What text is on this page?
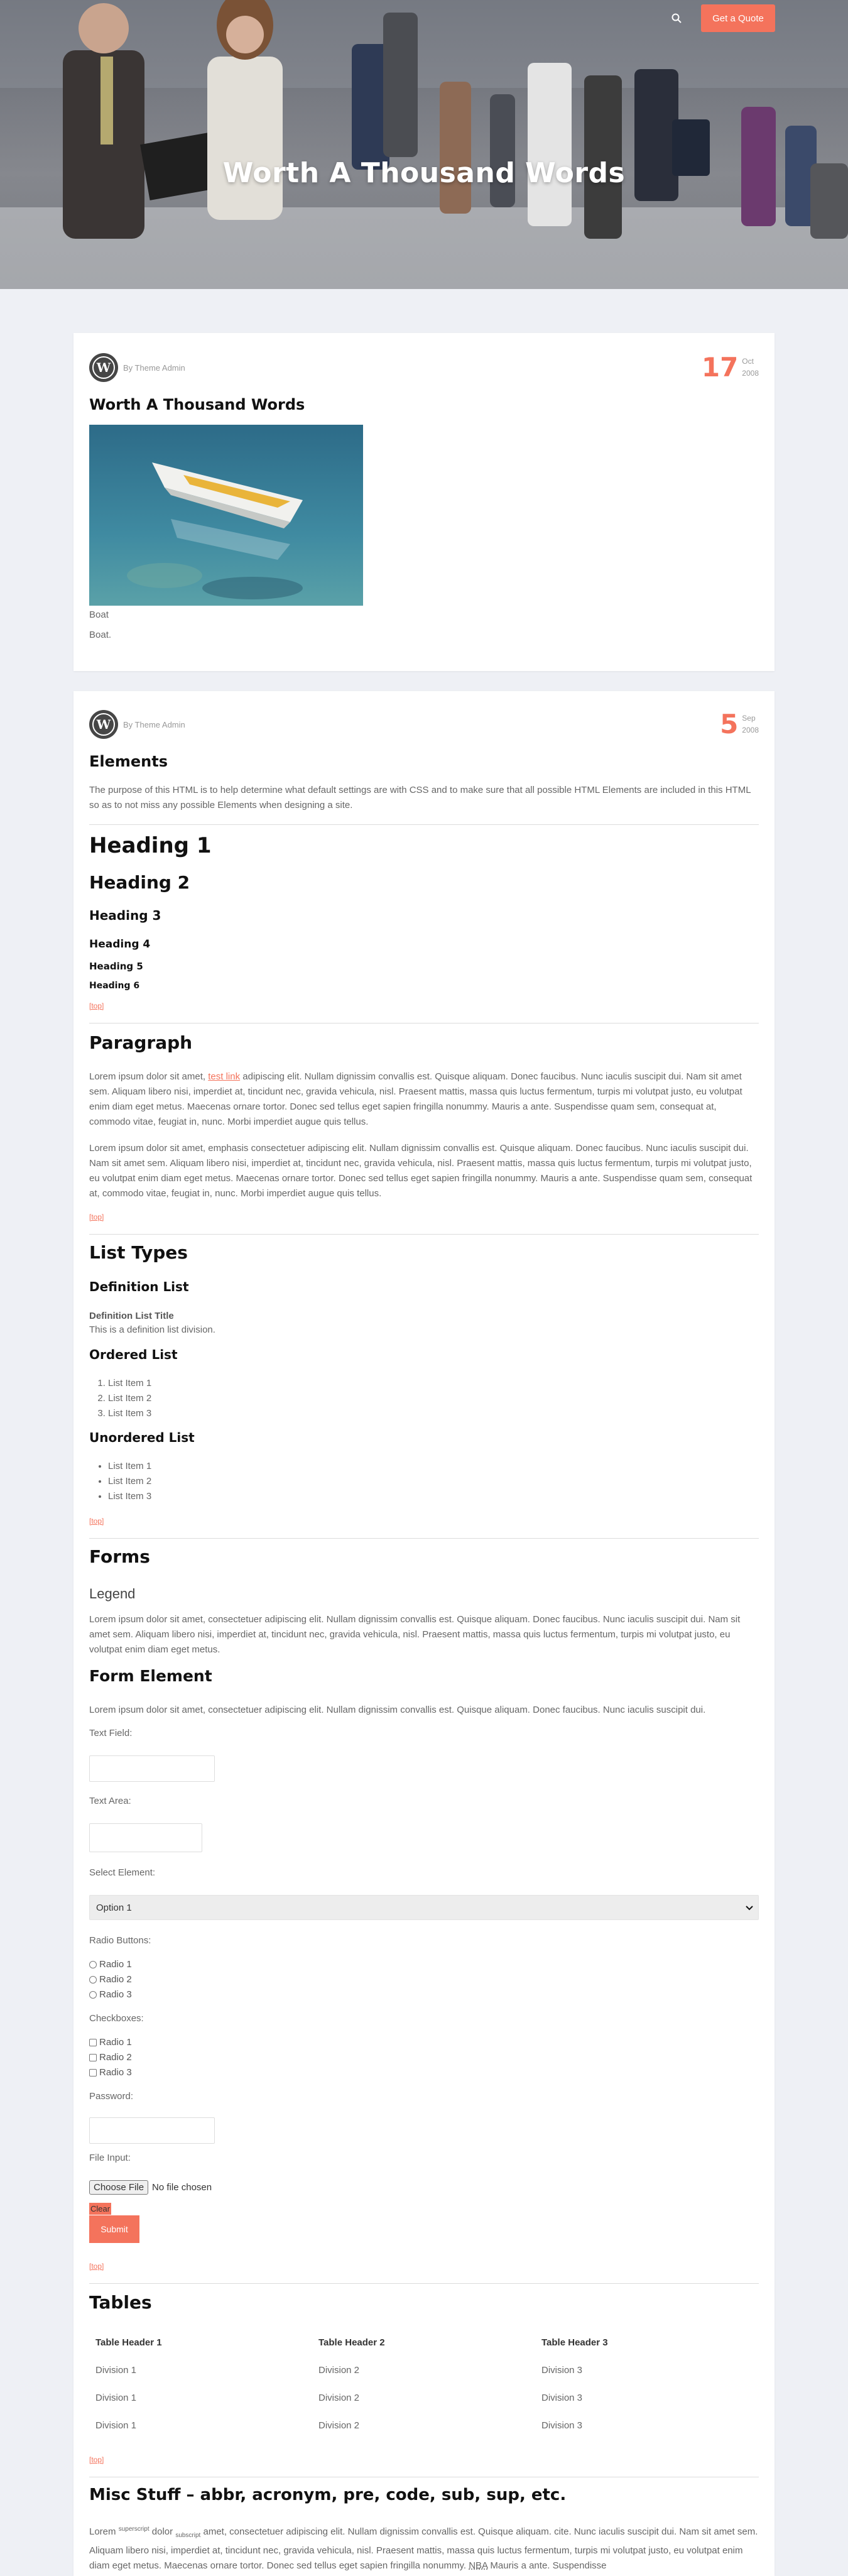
Worth A Thousand Words
Get a Quote
W By Theme Admin	17 Oct
2008
Worth A Thousand Words
Boat
Boat.
W By Theme Admin	5 Sep
2008
Elements

The purpose of this HTML is to help determine what default settings are with CSS and to make sure that all possible HTML Elements are included in this HTML so as to not miss any possible Elements when designing a site.

Heading 1
Heading 2
Heading 3
Heading 4
Heading 5
Heading 6
[top]
Paragraph

Lorem ipsum dolor sit amet, test link adipiscing elit. Nullam dignissim convallis est. Quisque aliquam. Donec faucibus. Nunc iaculis suscipit dui. Nam sit amet sem. Aliquam libero nisi, imperdiet at, tincidunt nec, gravida vehicula, nisl. Praesent mattis, massa quis luctus fermentum, turpis mi volutpat justo, eu volutpat enim diam eget metus. Maecenas ornare tortor. Donec sed tellus eget sapien fringilla nonummy. Mauris a ante. Suspendisse quam sem, consequat at, commodo vitae, feugiat in, nunc. Morbi imperdiet augue quis tellus.

Lorem ipsum dolor sit amet, emphasis consectetuer adipiscing elit. Nullam dignissim convallis est. Quisque aliquam. Donec faucibus. Nunc iaculis suscipit dui. Nam sit amet sem. Aliquam libero nisi, imperdiet at, tincidunt nec, gravida vehicula, nisl. Praesent mattis, massa quis luctus fermentum, turpis mi volutpat justo, eu volutpat enim diam eget metus. Maecenas ornare tortor. Donec sed tellus eget sapien fringilla nonummy. Mauris a ante. Suspendisse quam sem, consequat at, commodo vitae, feugiat in, nunc. Morbi imperdiet augue quis tellus.

[top]
List Types
Definition List
Definition List Title
This is a definition list division.
Ordered List
1. List Item 1
2. List Item 2
3. List Item 3
Unordered List
• List Item 1
• List Item 2
• List Item 3
[top]
Forms
Legend

Lorem ipsum dolor sit amet, consectetuer adipiscing elit. Nullam dignissim convallis est. Quisque aliquam. Donec faucibus. Nunc iaculis suscipit dui. Nam sit amet sem. Aliquam libero nisi, imperdiet at, tincidunt nec, gravida vehicula, nisl. Praesent mattis, massa quis luctus fermentum, turpis mi volutpat justo, eu volutpat enim diam eget metus.

Form Element

Lorem ipsum dolor sit amet, consectetuer adipiscing elit. Nullam dignissim convallis est. Quisque aliquam. Donec faucibus. Nunc iaculis suscipit dui.

Text Field:
Text Area:
Select Element:
Option 1
Radio Buttons:
Radio 1
Radio 2
Radio 3
Checkboxes:
Radio 1
Radio 2
Radio 3
Password:
File Input:
Choose File No file chosen
Clear
Submit
[top]
Tables
Table Header 1	Table Header 2	Table Header 3
Division 1	Division 2	Division 3
Division 1	Division 2	Division 3
Division 1	Division 2	Division 3
[top]
Misc Stuff – abbr, acronym, pre, code, sub, sup, etc.

Lorem $^{superscript}$ dolor $_{subscript}$ amet, consectetuer adipiscing elit. Nullam dignissim convallis est. Quisque aliquam. cite. Nunc iaculis suscipit dui. Nam sit amet sem. Aliquam libero nisi, imperdiet at, tincidunt nec, gravida vehicula, nisl. Praesent mattis, massa quis luctus fermentum, turpis mi volutpat justo, eu volutpat enim diam eget metus. Maecenas ornare tortor. Donec sed tellus eget sapien fringilla nonummy. NBA Mauris a ante. Suspendisse
